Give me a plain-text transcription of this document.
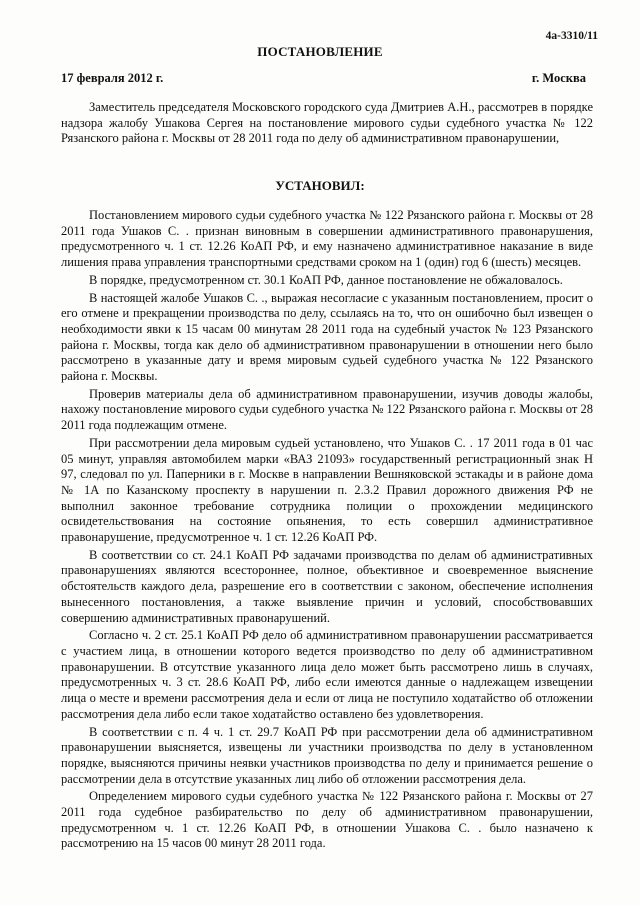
4а-3310/11
ПОСТАНОВЛЕНИЕ
17 февраля 2012 г.	г. Москва

Заместитель председателя Московского городского суда Дмитриев А.Н., рассмотрев в порядке надзора жалобу Ушакова Сергея на постановление мирового судьи судебного участка № 122 Рязанского района г. Москвы от 28 2011 года по делу об административном правонарушении,

УСТАНОВИЛ:

Постановлением мирового судьи судебного участка № 122 Рязанского района г. Москвы от 28 2011 года Ушаков С. . признан виновным в совершении административного правонарушения, предусмотренного ч. 1 ст. 12.26 КоАП РФ, и ему назначено административное наказание в виде лишения права управления транспортными средствами сроком на 1 (один) год 6 (шесть) месяцев.

В порядке, предусмотренном ст. 30.1 КоАП РФ, данное постановление не обжаловалось.

В настоящей жалобе Ушаков С. ., выражая несогласие с указанным постановлением, просит о его отмене и прекращении производства по делу, ссылаясь на то, что он ошибочно был извещен о необходимости явки к 15 часам 00 минутам 28 2011 года на судебный участок № 123 Рязанского района г. Москвы, тогда как дело об административном правонарушении в отношении него было рассмотрено в указанные дату и время мировым судьей судебного участка № 122 Рязанского района г. Москвы.

Проверив материалы дела об административном правонарушении, изучив доводы жалобы, нахожу постановление мирового судьи судебного участка № 122 Рязанского района г. Москвы от 28 2011 года подлежащим отмене.

При рассмотрении дела мировым судьей установлено, что Ушаков С. . 17 2011 года в 01 час 05 минут, управляя автомобилем марки «ВАЗ 21093» государственный регистрационный знак Н 97, следовал по ул. Паперники в г. Москве в направлении Вешняковской эстакады и в районе дома № 1А по Казанскому проспекту в нарушении п. 2.3.2 Правил дорожного движения РФ не выполнил законное требование сотрудника полиции о прохождении медицинского освидетельствования на состояние опьянения, то есть совершил административное правонарушение, предусмотренное ч. 1 ст. 12.26 КоАП РФ.

В соответствии со ст. 24.1 КоАП РФ задачами производства по делам об административных правонарушениях являются всестороннее, полное, объективное и своевременное выяснение обстоятельств каждого дела, разрешение его в соответствии с законом, обеспечение исполнения вынесенного постановления, а также выявление причин и условий, способствовавших совершению административных правонарушений.

Согласно ч. 2 ст. 25.1 КоАП РФ дело об административном правонарушении рассматривается с участием лица, в отношении которого ведется производство по делу об административном правонарушении. В отсутствие указанного лица дело может быть рассмотрено лишь в случаях, предусмотренных ч. 3 ст. 28.6 КоАП РФ, либо если имеются данные о надлежащем извещении лица о месте и времени рассмотрения дела и если от лица не поступило ходатайство об отложении рассмотрения дела либо если такое ходатайство оставлено без удовлетворения.

В соответствии с п. 4 ч. 1 ст. 29.7 КоАП РФ при рассмотрении дела об административном правонарушении выясняется, извещены ли участники производства по делу в установленном порядке, выясняются причины неявки участников производства по делу и принимается решение о рассмотрении дела в отсутствие указанных лиц либо об отложении рассмотрения дела.

Определением мирового судьи судебного участка № 122 Рязанского района г. Москвы от 27 2011 года судебное разбирательство по делу об административном правонарушении, предусмотренном ч. 1 ст. 12.26 КоАП РФ, в отношении Ушакова С. . было назначено к рассмотрению на 15 часов 00 минут 28 2011 года.
